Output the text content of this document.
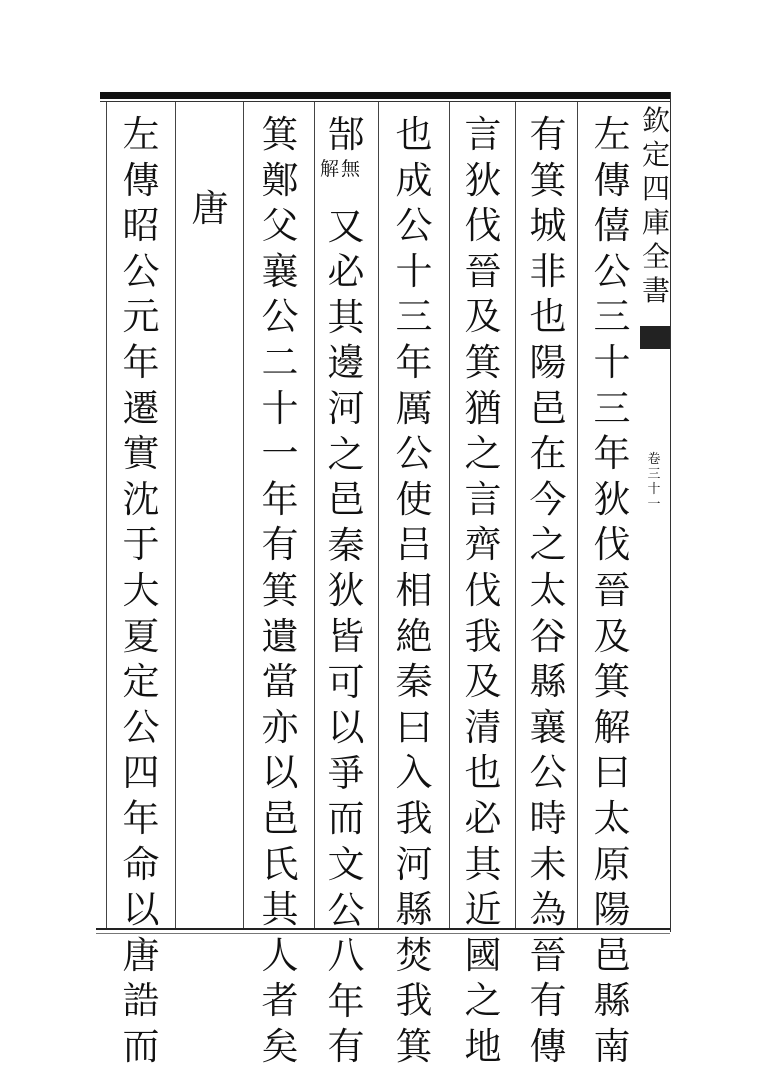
欽
定
四
庫
全
書
卷
三
十
一
左
傳
僖
公
三
十
三
年
狄
伐
晉
及
箕
解
曰
太
原
陽
邑
縣
南
有
箕
城
非
也
陽
邑
在
今
之
太
谷
縣
襄
公
時
未
為
晉
有
傳
言
狄
伐
晉
及
箕
猶
之
言
齊
伐
我
及
清
也
必
其
近
國
之
地
也
成
公
十
三
年
厲
公
使
吕
相
絶
秦
曰
入
我
河
縣
焚
我
箕
郜
又
必
其
邊
河
之
邑
秦
狄
皆
可
以
爭
而
文
公
八
年
有
箕
鄭
父
襄
公
二
十
一
年
有
箕
遺
當
亦
以
邑
氏
其
人
者
矣
唐
左
傳
昭
公
元
年
遷
實
沈
于
大
夏
定
公
四
年
命
以
唐
誥
而
無
解
